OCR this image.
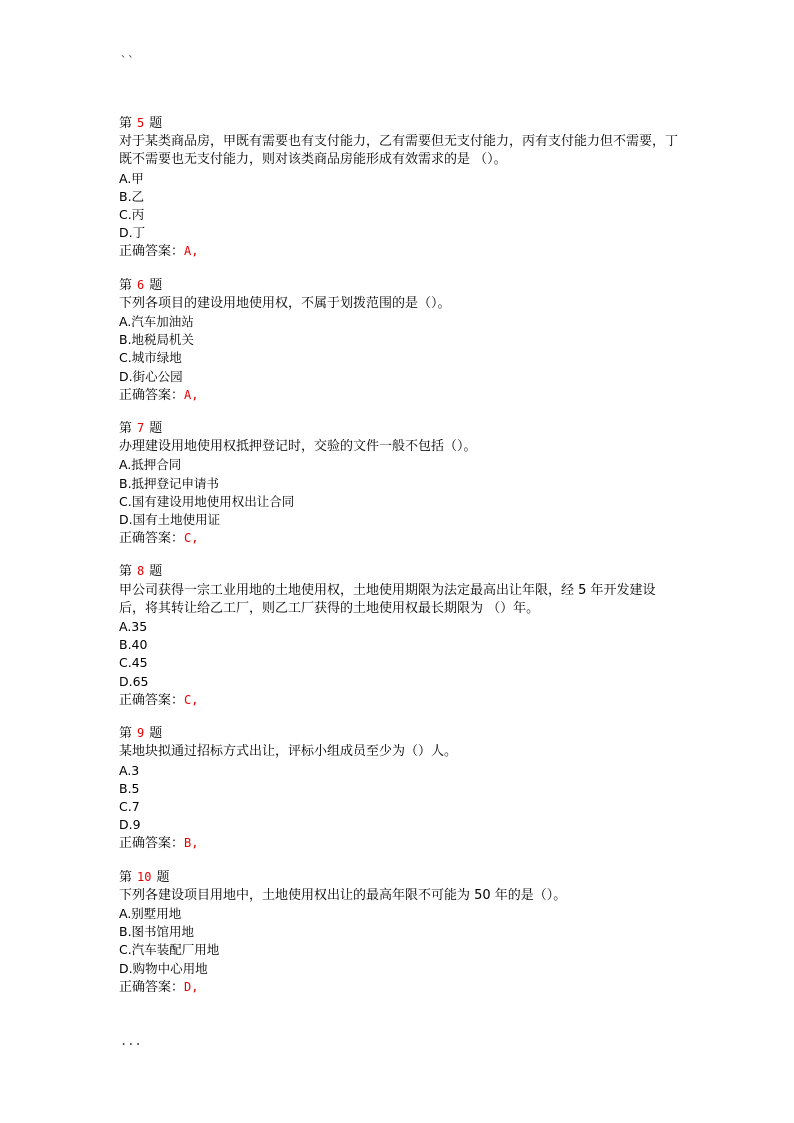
``

第 5 题

对于某类商品房，甲既有需要也有支付能力，乙有需要但无支付能力，丙有支付能力但不需要，丁既不需要也无支付能力，则对该类商品房能形成有效需求的是 （）。

A.甲

B.乙

C.丙

D.丁

正确答案：A,

第 6 题

下列各项目的建设用地使用权，不属于划拨范围的是（）。

A.汽车加油站

B.地税局机关

C.城市绿地

D.街心公园

正确答案：A,

第 7 题

办理建设用地使用权抵押登记时，交验的文件一般不包括（）。

A.抵押合同

B.抵押登记申请书

C.国有建设用地使用权出让合同

D.国有土地使用证

正确答案：C,

第 8 题

甲公司获得一宗工业用地的土地使用权，土地使用期限为法定最高出让年限，经 5 年开发建设后，将其转让给乙工厂，则乙工厂获得的土地使用权最长期限为 （）年。

A.35

B.40

C.45

D.65

正确答案：C,

第 9 题

某地块拟通过招标方式出让，评标小组成员至少为（）人。

A.3

B.5

C.7

D.9

正确答案：B,

第 10 题

下列各建设项目用地中，土地使用权出让的最高年限不可能为 50 年的是（）。

A.别墅用地

B.图书馆用地

C.汽车装配厂用地

D.购物中心用地

正确答案：D,

...
